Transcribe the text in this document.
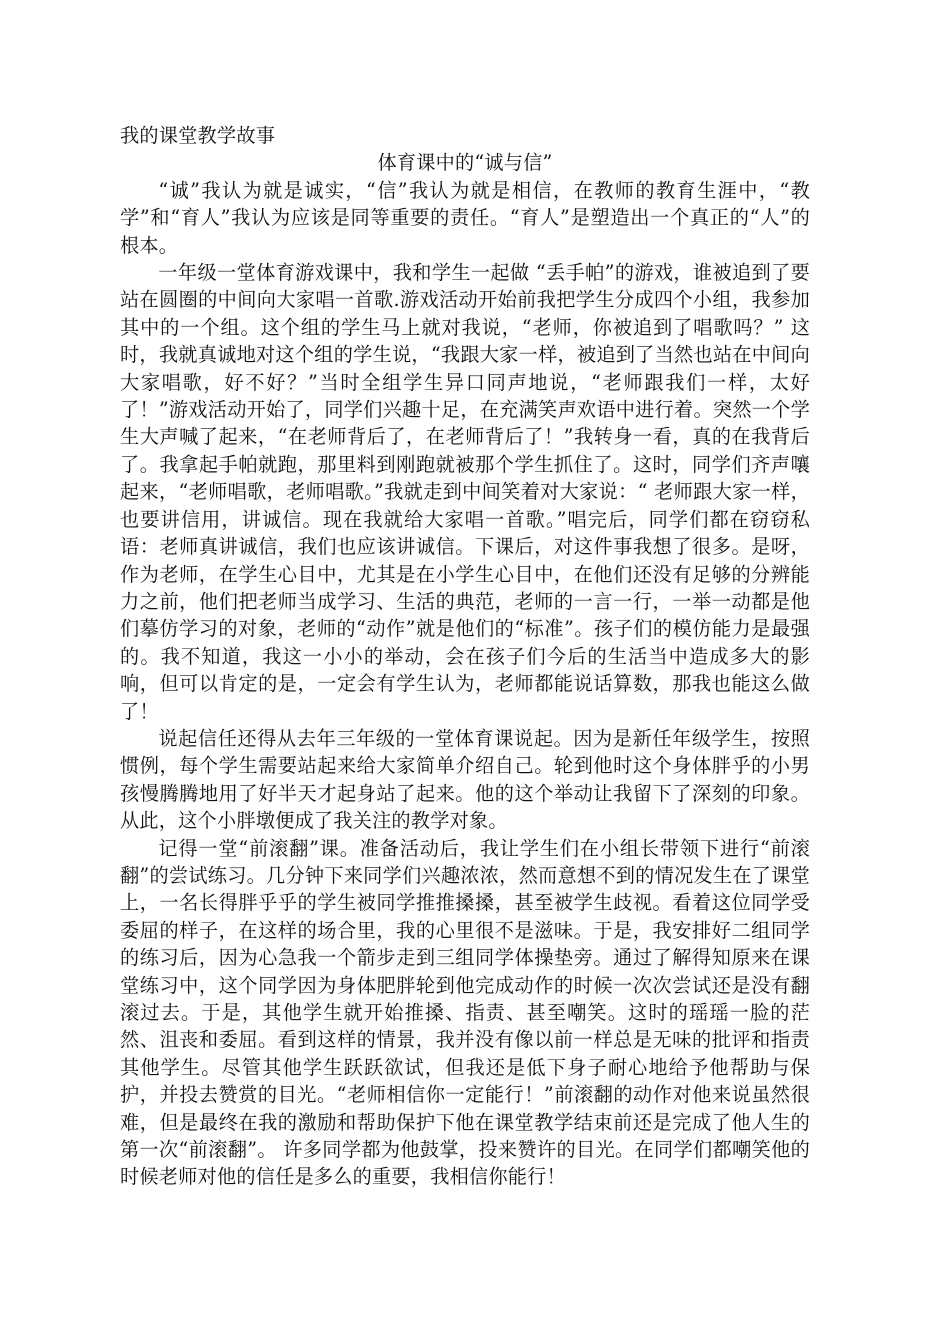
我的课堂教学故事

体育课中的“诚与信”

“诚”我认为就是诚实，“信”我认为就是相信，在教师的教育生涯中，“教学”和“育人”我认为应该是同等重要的责任。“育人”是塑造出一个真正的“人”的根本。

一年级一堂体育游戏课中，我和学生一起做 “丢手帕”的游戏，谁被追到了要站在圆圈的中间向大家唱一首歌.游戏活动开始前我把学生分成四个小组，我参加其中的一个组。这个组的学生马上就对我说，“老师，你被追到了唱歌吗？” 这时，我就真诚地对这个组的学生说，“我跟大家一样，被追到了当然也站在中间向大家唱歌，好不好？”当时全组学生异口同声地说，“老师跟我们一样，太好了！”游戏活动开始了，同学们兴趣十足，在充满笑声欢语中进行着。突然一个学生大声喊了起来，“在老师背后了，在老师背后了！”我转身一看，真的在我背后了。我拿起手帕就跑，那里料到刚跑就被那个学生抓住了。这时，同学们齐声嚷起来，“老师唱歌，老师唱歌。”我就走到中间笑着对大家说：“ 老师跟大家一样，也要讲信用，讲诚信。现在我就给大家唱一首歌。”唱完后，同学们都在窃窃私语：老师真讲诚信，我们也应该讲诚信。下课后，对这件事我想了很多。是呀，作为老师，在学生心目中，尤其是在小学生心目中，在他们还没有足够的分辨能力之前，他们把老师当成学习、生活的典范，老师的一言一行，一举一动都是他们摹仿学习的对象，老师的“动作”就是他们的“标准”。孩子们的模仿能力是最强的。我不知道，我这一小小的举动，会在孩子们今后的生活当中造成多大的影响，但可以肯定的是，一定会有学生认为，老师都能说话算数，那我也能这么做了！

说起信任还得从去年三年级的一堂体育课说起。因为是新任年级学生，按照惯例，每个学生需要站起来给大家简单介绍自己。轮到他时这个身体胖乎的小男孩慢腾腾地用了好半天才起身站了起来。他的这个举动让我留下了深刻的印象。从此，这个小胖墩便成了我关注的教学对象。

记得一堂“前滚翻”课。准备活动后，我让学生们在小组长带领下进行“前滚翻”的尝试练习。几分钟下来同学们兴趣浓浓，然而意想不到的情况发生在了课堂上，一名长得胖乎乎的学生被同学推推搡搡，甚至被学生歧视。看着这位同学受委屈的样子，在这样的场合里，我的心里很不是滋味。于是，我安排好二组同学的练习后，因为心急我一个箭步走到三组同学体操垫旁。通过了解得知原来在课堂练习中，这个同学因为身体肥胖轮到他完成动作的时候一次次尝试还是没有翻滚过去。于是，其他学生就开始推搡、指责、甚至嘲笑。这时的瑶瑶一脸的茫然、沮丧和委屈。看到这样的情景，我并没有像以前一样总是无味的批评和指责其他学生。尽管其他学生跃跃欲试，但我还是低下身子耐心地给予他帮助与保护，并投去赞赏的目光。“老师相信你一定能行！”前滚翻的动作对他来说虽然很难，但是最终在我的激励和帮助保护下他在课堂教学结束前还是完成了他人生的第一次“前滚翻”。 许多同学都为他鼓掌，投来赞许的目光。在同学们都嘲笑他的时候老师对他的信任是多么的重要，我相信你能行！
